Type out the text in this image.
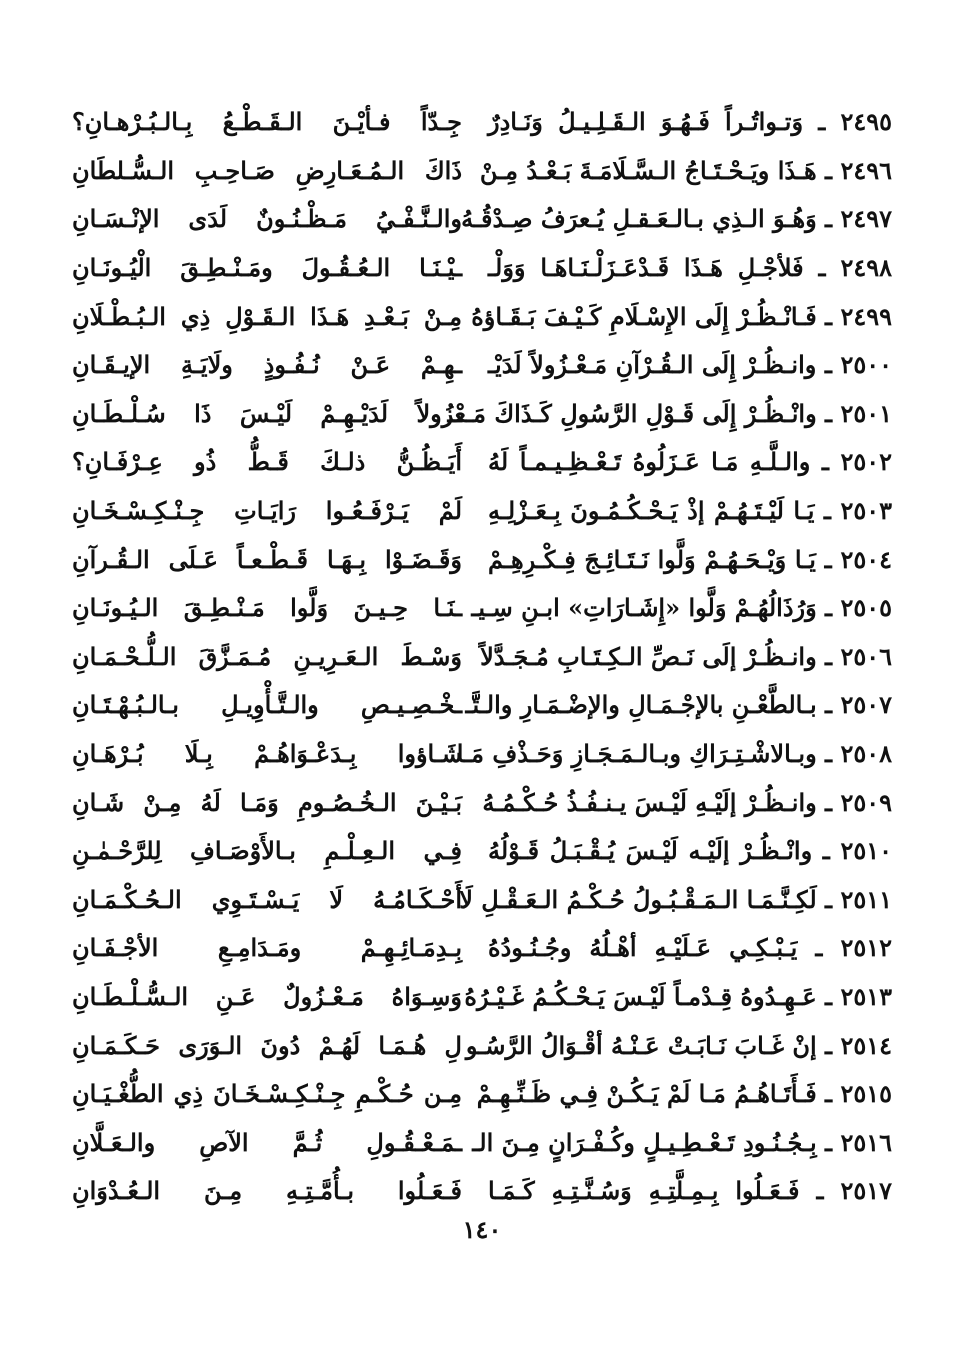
٢٤٩٥ ـ وَتـواتُـراً فَـهُـوَ الـقَـلِـيـلُ وَنَـادِرٌ
جِـدّاً فـأيْـنَ الـقَـطْـعُ بِـالـبُـرْهـانِ؟
٢٤٩٦ ـ هَـذَا ويَـحْـتَـاجُ الـسَّـلَامَـةَ بَـعْـدُ مِـنْ
ذَاكَ الـمُـعَـارِضِ صَـاحِـبِ الـسُّـلطَانِ
٢٤٩٧ ـ وَهُـوَ الـذِي بـالـعَـقـلِ يُـعرَفُ صِـدْقُـهُ
والـنَّـفْـيُ مَـظْـنُـونٌ لَدَى الإنْـسَـانِ
٢٤٩٨ ـ فَلأجْـلِ هَـذَا قَـدْعَـزَلْـنَـاهَـا وَوَلْـ
ـيْـنَـا الـعُـقُـولَ ومَـنْـطِـقَ الْيُـونَـانِ
٢٤٩٩ ـ فَـانْـظُـرْ إِلَى الإِسْـلَامِ كَـيْـفَ بَـقَـاؤهُ
مِـنْ بَـعْـدِ هَـذَا الـقَـوْلِ ذِي الـبُـطْـلَانِ
٢٥٠٠ ـ وانـظُـرْ إِلَى الـقُـرْآنِ مَـعْـزُولاً لَدَيْـ
ـهِـمْ عَـنْ نُـفُـوذٍ ولَايَـةِ الإيـقَـانِ
٢٥٠١ ـ وانْـظُـرْ إِلَى قَـوْلِ الرَّسُولِ كَـذَاكَ مَـعْـ
ـزُولاً لَدَيْـهِـمْ لَيْـسَ ذَا سُـلْـطَـانِ
٢٥٠٢ ـ والـلَّـهِ مَـا عَـزَلُوهُ تَـعْـظِـيـمـاً لَهُ
أَيَـظُـنُّ ذلـكَ قَـطُّ ذُو عِـرْفَـانِ؟
٢٥٠٣ ـ يَـا لَيْـتَـهُـمْ إذْ يَـحْـكُـمُـونَ بِـعَـزْلِـهِ
لَمْ يَـرْفَـعُـوا رَايَـاتِ جِـنْـكِـسْـخَـانِ
٢٥٠٤ ـ يَـا وَيْـحَـهُـمْ وَلَّوا نَـتَـائِـجَ فِـكْـرِهِـمْ
وَقَـضَـوْا بِـهَـا قَـطْـعـاً عَـلَى الـقُـرآنِ
٢٥٠٥ ـ وَرُذَالُهُـمْ وَلَّوا «إِشَـارَاتِ» ابـنِ سِـيـ
ـنَـا حِـيـنَ وَلَّوا مَـنْـطِـقَ الـيُـونَـانِ
٢٥٠٦ ـ وانـظُـرْ إلَى نَـصِّ الـكِـتَـابِ مُـجَـدَّلاً
وَسْـطَ الـعَـرِيـنِ مُـمَـزَّقَ الـلُّـحْـمَـانِ
٢٥٠٧ ـ بـالطَّعْـنِ بالإجْـمَـالِ والإضْـمَـارِ والـتَّـ
ـخْـصِـيـصِ والـتَّـأْوِيـلِ بـالـبُـهْـتَـانِ
٢٥٠٨ ـ وبـالاشْـتِـرَاكِ وبـالـمَـجَـازِ وَحَـذْفِ مَـا
شَـاؤوا بِـدَعْـوَاهُـمْ بِـلَا بُـرْهَـانِ
٢٥٠٩ ـ وانـظُـرْ إلَيْـهِ لَيْـسَ يـنـفُـذُ حُـكْـمُـهُ
بَـيْـنَ الـخُـصُـومِ وَمَـا لَهُ مِـنْ شَـانِ
٢٥١٠ ـ وانْـظُـرْ إلَيْـه لَيْـسَ يُـقْـبَـلُ قَـوْلُهُ
فِـي الـعِـلْـمِ بـالأَوْصَـافِ لِلرَّحْـمٰـنِ
٢٥١١ ـ لَكِـنَّـمَـا الـمَـقْـبُـولُ حُـكْـمُ الـعَـقْـلِ لَا
أَحْـكَـامُـهُ لَا يَـسْـتَـوِي الـحُـكْـمَـانِ
٢٥١٢ ـ يَـبْـكِـي عَـلَيْـهِ أهْـلُهُ وجُـنُـودُهُ
بِـدِمَـائِـهِـمْ ومَـدَامِـعِ الأجْـفَـانِ
٢٥١٣ ـ عَـهِـدُوهُ قِـدْمـاً لَيْـسَ يَـحْـكُـمُ غَـيْـرُهُ
وَسِـوَاهُ مَـعْـزُولٌ عَـنِ الـسُّـلْـطَـانِ
٢٥١٤ ـ إنْ غَـابَ نَـابَـتْ عَـنْـهُ أقْـوَالُ الرَّسُـو
لِ هُـمَـا لَهُـمْ دُونَ الـوَرَى حَـكَـمَـانِ
٢٥١٥ ـ فَـأَتَـاهُـمُ مَـا لَمْ يَـكُـنْ فِـي ظَـنِّـهِـمْ
مِـن حُـكْـمِ جِـنْـكِـسْـخَـانَ ذِي الطُّغْـيَـانِ
٢٥١٦ ـ بِـجُـنُـودِ تَـعْـطِـيـلٍ وكُـفْـرَانٍ مِـنَ الـ
ـمَـعْـقُـولِ ثُـمَّ الآصِ والـعَـلَّانِ
٢٥١٧ ـ فَـعَـلُوا بِـمِـلَّتِـهِ وَسُـنَّـتِـهِ كَـمَـا
فَـعَـلُوا بـأُمَّـتِـهِ مِـنَ الـعُـدْوَانِ
١٤٠
